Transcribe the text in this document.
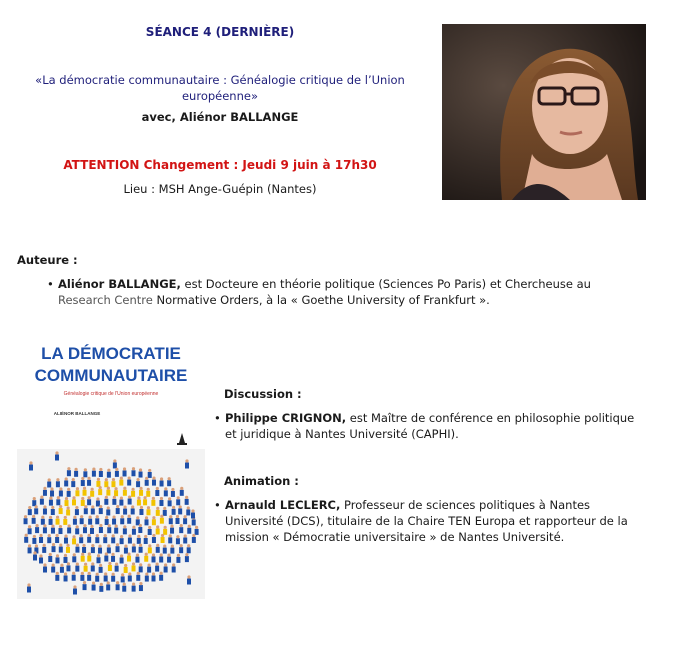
SÉANCE 4 (DERNIÈRE)
«La démocratie communautaire : Généalogie critique de l’Union européenne»
avec, Aliénor BALLANGE
ATTENTION Changement : Jeudi 9 juin à 17h30
Lieu : MSH Ange-Guépin (Nantes)
Auteure :
• Aliénor BALLANGE, est Docteure en théorie politique (Sciences Po Paris) et Chercheuse au Research Centre Normative Orders, à la « Goethe University of Frankfurt ».
LA DÉMOCRATIE
COMMUNAUTAIRE
Généalogie critique de l'Union européenne
ALIÉNOR BALLANGE
Discussion :
• Philippe CRIGNON, est Maître de conférence en philosophie politique et juridique à Nantes Université (CAPHI).
Animation :
• Arnauld LECLERC, Professeur de sciences politiques à Nantes Université (DCS), titulaire de la Chaire TEN Europa et rapporteur de la mission « Démocratie universitaire » de Nantes Université.
